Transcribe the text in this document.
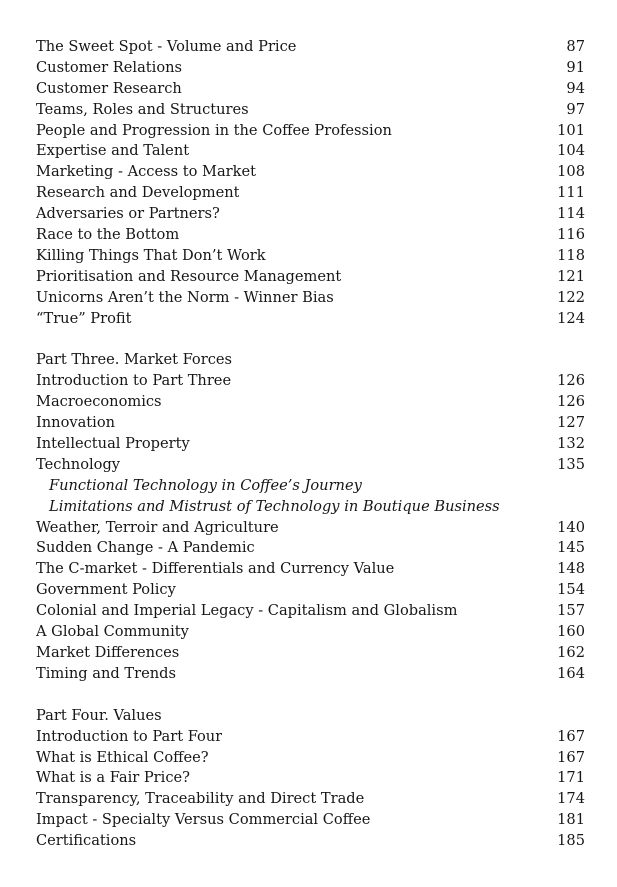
The Sweet Spot - Volume and Price	87
Customer Relations	91
Customer Research	94
Teams, Roles and Structures	97
People and Progression in the Coffee Profession	101
Expertise and Talent	104
Marketing - Access to Market	108
Research and Development	111
Adversaries or Partners?	114
Race to the Bottom	116
Killing Things That Don’t Work	118
Prioritisation and Resource Management	121
Unicorns Aren’t the Norm - Winner Bias	122
“True” Profit	124
Part Three. Market Forces
Introduction to Part Three	126
Macroeconomics	126
Innovation	127
Intellectual Property	132
Technology	135
Functional Technology in Coffee’s Journey
Limitations and Mistrust of Technology in Boutique Business
Weather, Terroir and Agriculture	140
Sudden Change - A Pandemic	145
The C-market - Differentials and Currency Value	148
Government Policy	154
Colonial and Imperial Legacy - Capitalism and Globalism	157
A Global Community	160
Market Differences	162
Timing and Trends	164
Part Four. Values
Introduction to Part Four	167
What is Ethical Coffee?	167
What is a Fair Price?	171
Transparency, Traceability and Direct Trade	174
Impact - Specialty Versus Commercial Coffee	181
Certifications	185
